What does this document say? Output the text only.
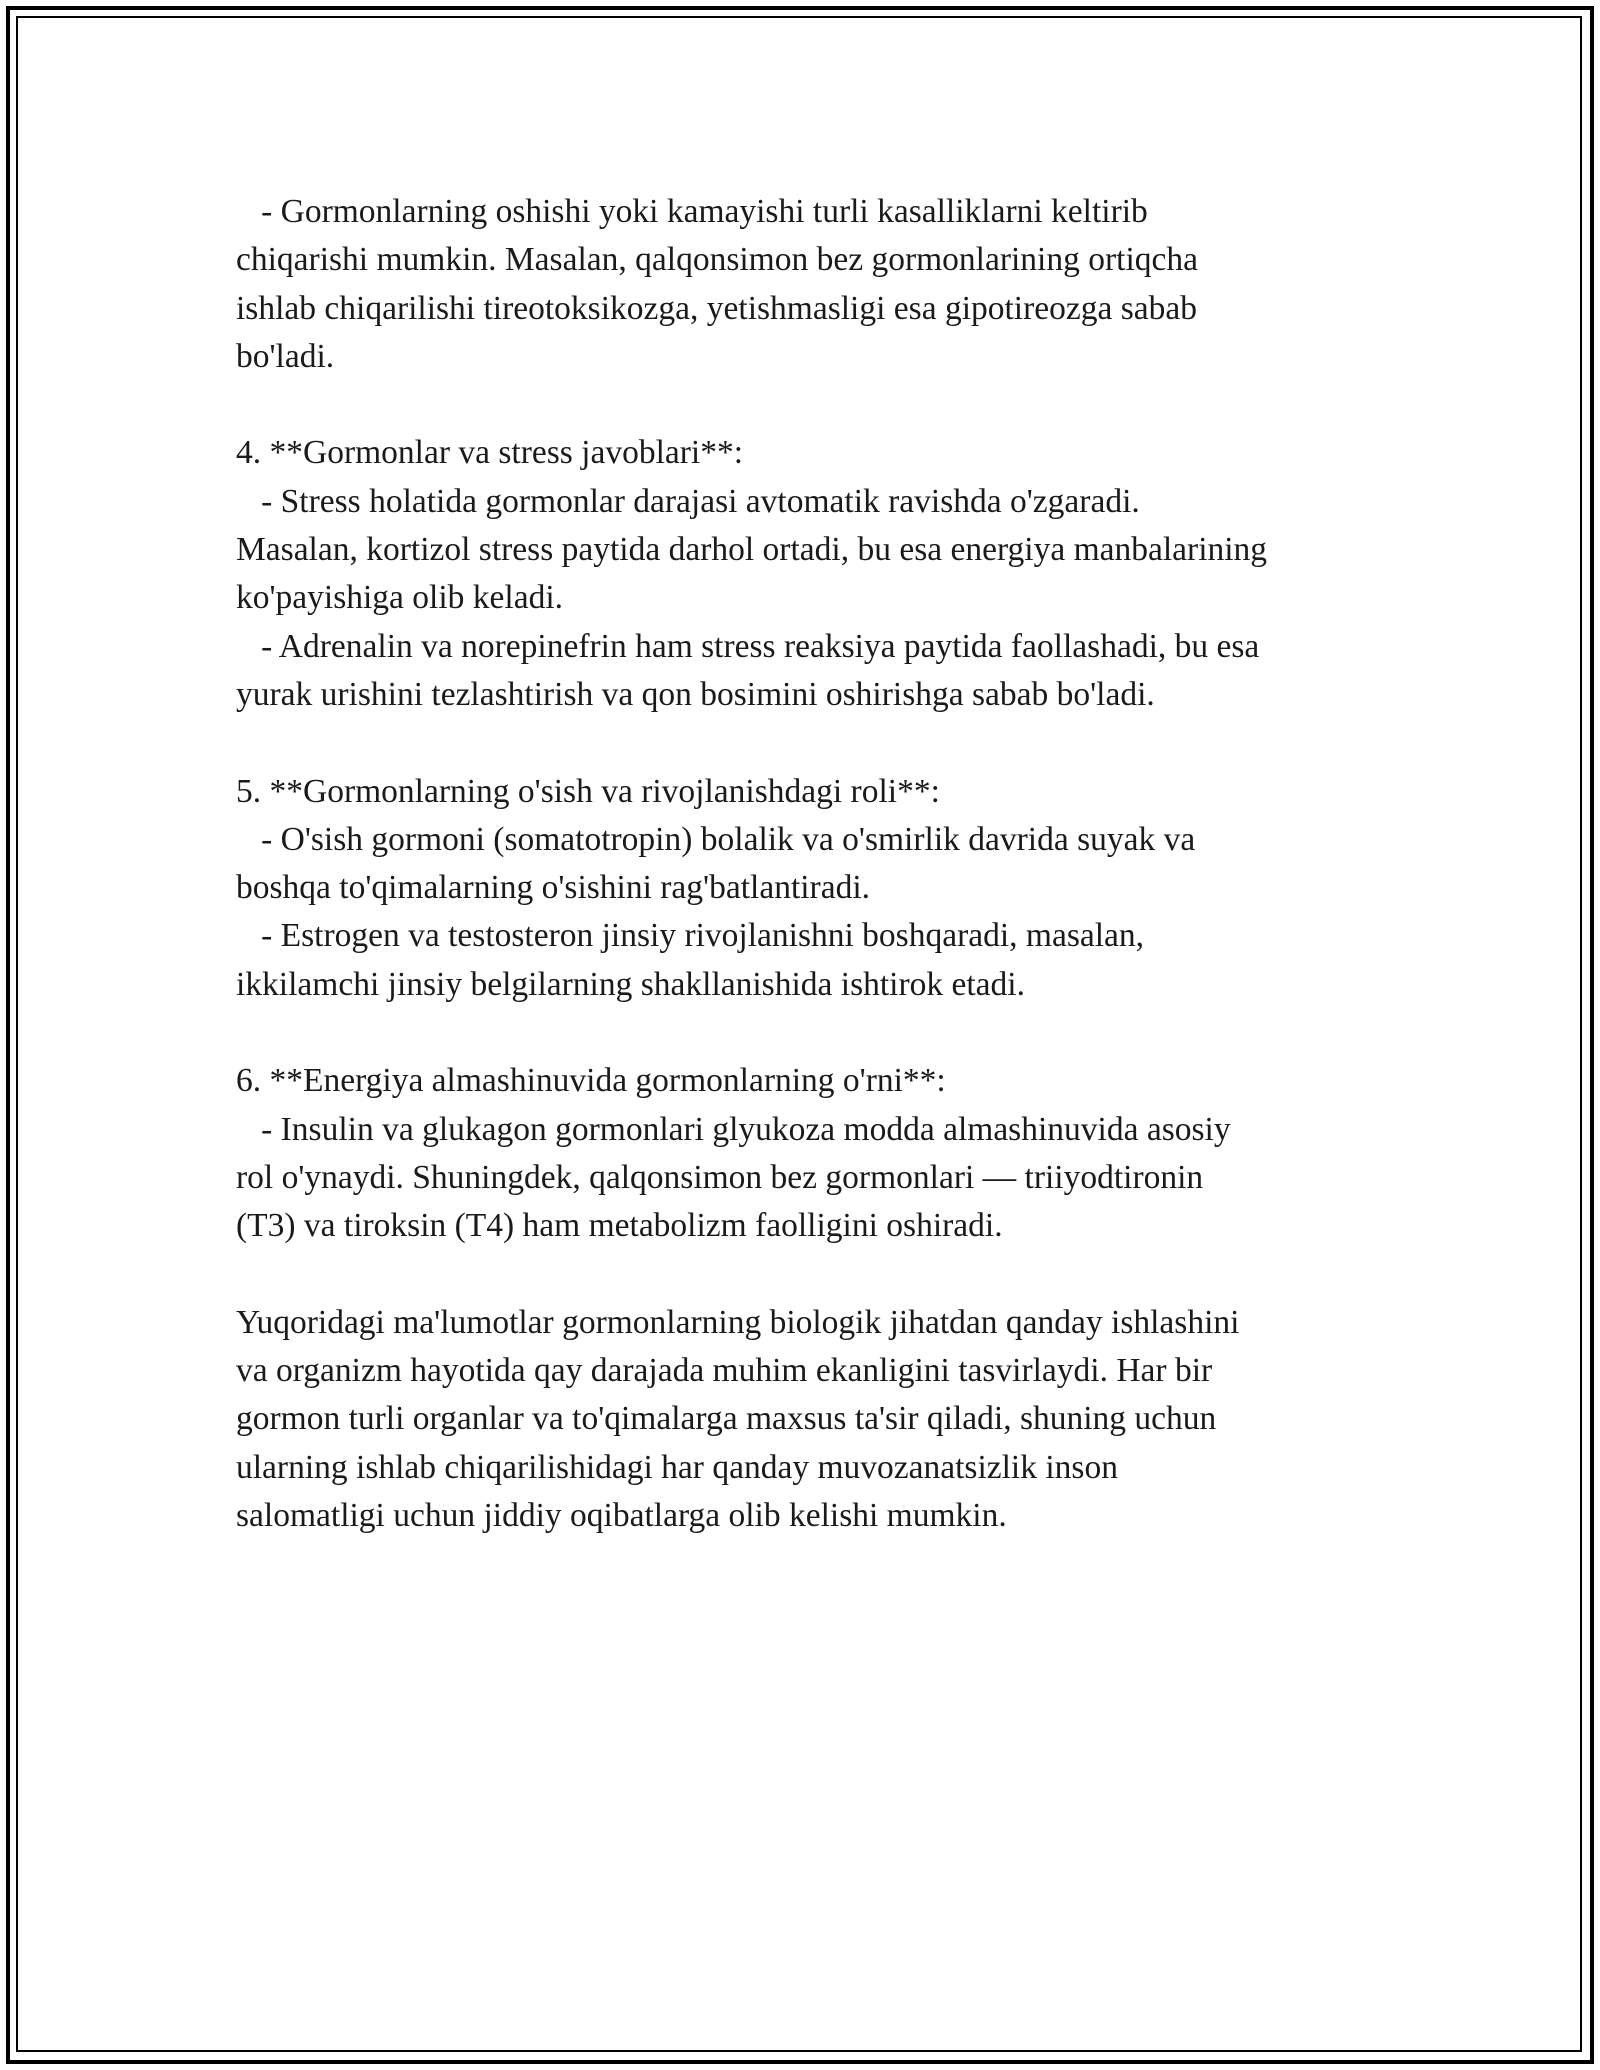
- Gormonlarning oshishi yoki kamayishi turli kasalliklarni keltirib
chiqarishi mumkin. Masalan, qalqonsimon bez gormonlarining ortiqcha
ishlab chiqarilishi tireotoksikozga, yetishmasligi esa gipotireozga sabab
bo'ladi.
4. **Gormonlar va stress javoblari**:
- Stress holatida gormonlar darajasi avtomatik ravishda o'zgaradi.
Masalan, kortizol stress paytida darhol ortadi, bu esa energiya manbalarining
ko'payishiga olib keladi.
- Adrenalin va norepinefrin ham stress reaksiya paytida faollashadi, bu esa
yurak urishini tezlashtirish va qon bosimini oshirishga sabab bo'ladi.
5. **Gormonlarning o'sish va rivojlanishdagi roli**:
- O'sish gormoni (somatotropin) bolalik va o'smirlik davrida suyak va
boshqa to'qimalarning o'sishini rag'batlantiradi.
- Estrogen va testosteron jinsiy rivojlanishni boshqaradi, masalan,
ikkilamchi jinsiy belgilarning shakllanishida ishtirok etadi.
6. **Energiya almashinuvida gormonlarning o'rni**:
- Insulin va glukagon gormonlari glyukoza modda almashinuvida asosiy
rol o'ynaydi. Shuningdek, qalqonsimon bez gormonlari — triiyodtironin
(T3) va tiroksin (T4) ham metabolizm faolligini oshiradi.
Yuqoridagi ma'lumotlar gormonlarning biologik jihatdan qanday ishlashini
va organizm hayotida qay darajada muhim ekanligini tasvirlaydi. Har bir
gormon turli organlar va to'qimalarga maxsus ta'sir qiladi, shuning uchun
ularning ishlab chiqarilishidagi har qanday muvozanatsizlik inson
salomatligi uchun jiddiy oqibatlarga olib kelishi mumkin.
